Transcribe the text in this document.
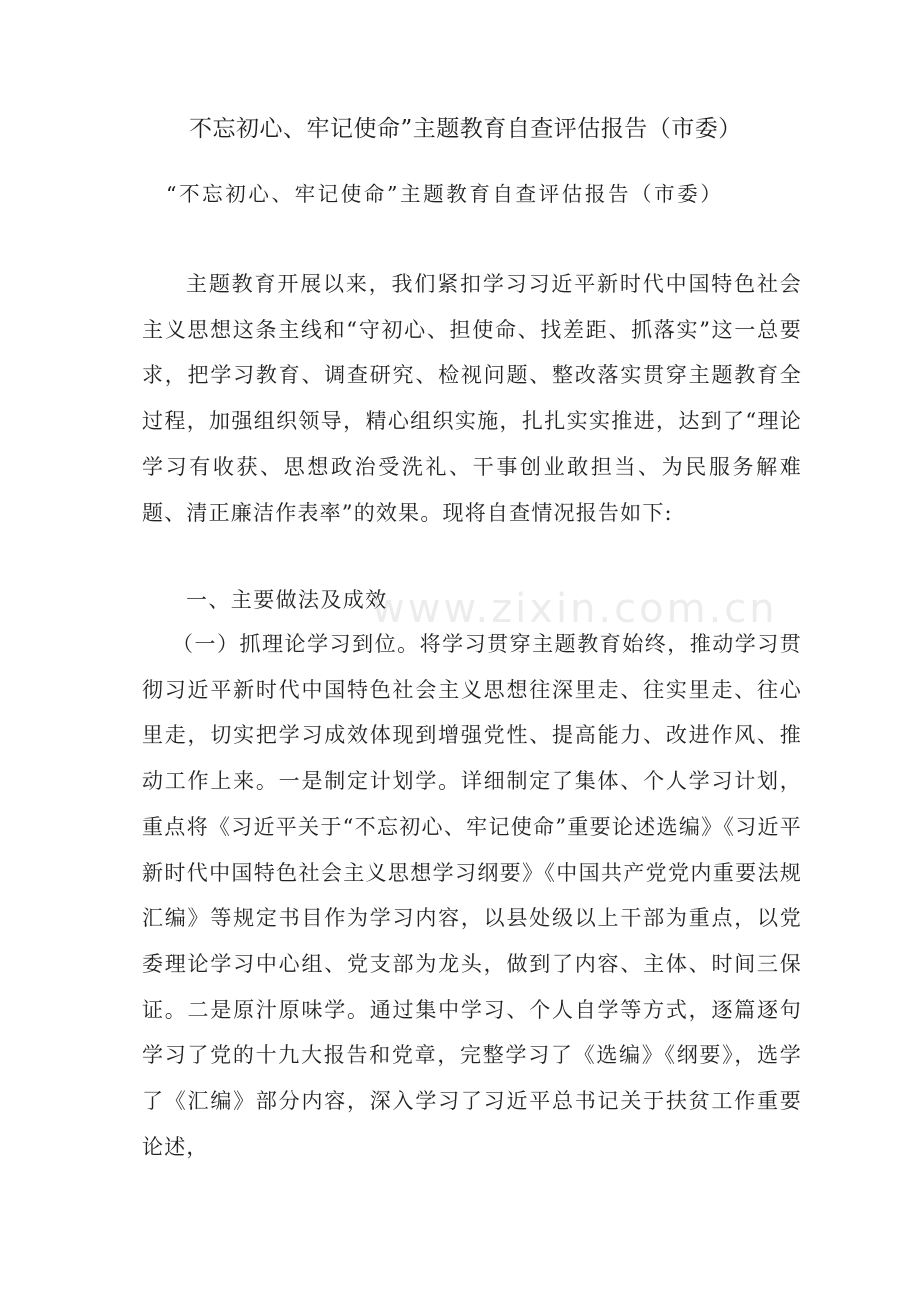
不忘初心、牢记使命”主题教育自查评估报告（市委）
“不忘初心、牢记使命”主题教育自查评估报告（市委）

主题教育开展以来，我们紧扣学习习近平新时代中国特色社会主义思想这条主线和“守初心、担使命、找差距、抓落实”这一总要求，把学习教育、调查研究、检视问题、整改落实贯穿主题教育全过程，加强组织领导，精心组织实施，扎扎实实推进，达到了“理论学习有收获、思想政治受洗礼、干事创业敢担当、为民服务解难题、清正廉洁作表率”的效果。现将自查情况报告如下:

一、主要做法及成效

（一）抓理论学习到位。将学习贯穿主题教育始终，推动学习贯彻习近平新时代中国特色社会主义思想往深里走、往实里走、往心里走，切实把学习成效体现到增强党性、提高能力、改进作风、推动工作上来。一是制定计划学。详细制定了集体、个人学习计划，重点将《习近平关于“不忘初心、牢记使命”重要论述选编》《习近平新时代中国特色社会主义思想学习纲要》《中国共产党党内重要法规汇编》等规定书目作为学习内容，以县处级以上干部为重点，以党委理论学习中心组、党支部为龙头，做到了内容、主体、时间三保证。二是原汁原味学。通过集中学习、个人自学等方式，逐篇逐句学习了党的十九大报告和党章，完整学习了《选编》《纲要》，选学了《汇编》部分内容，深入学习了习近平总书记关于扶贫工作重要论述，

www.zixin.com.cn
